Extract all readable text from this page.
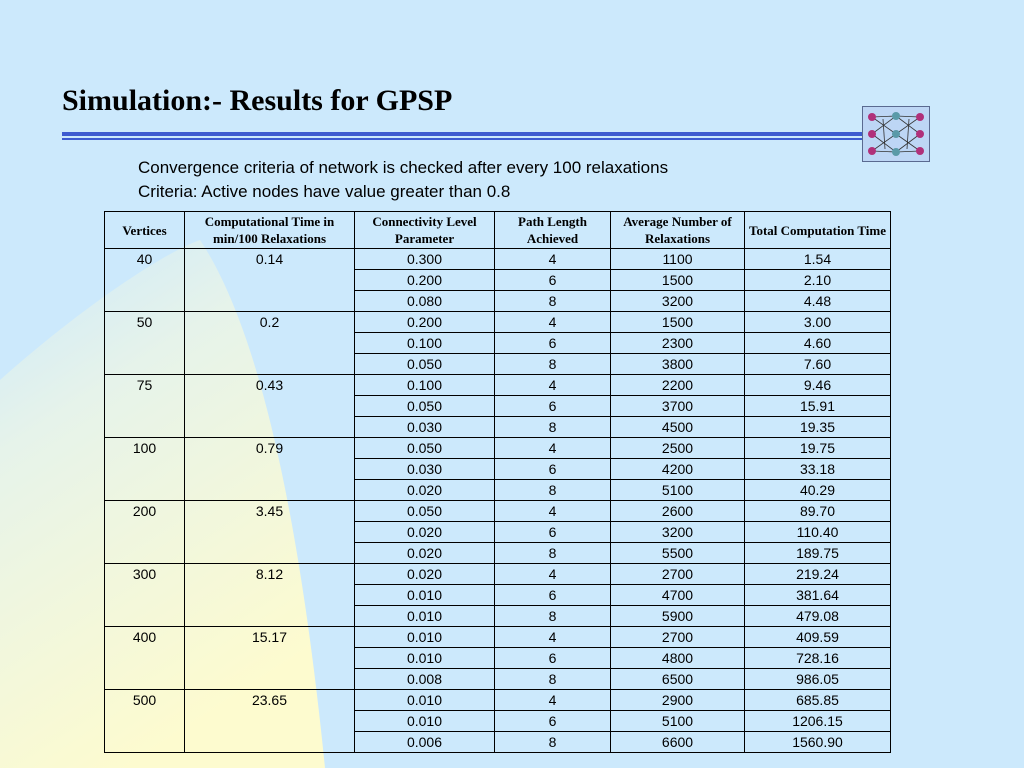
Simulation:- Results for GPSP
Convergence criteria of network is checked after every 100 relaxations
Criteria: Active nodes have value greater than 0.8
Vertices	Computational Time in min/100 Relaxations	Connectivity Level Parameter	Path Length Achieved	Average Number of Relaxations	Total Computation Time
40	0.14	0.300	4	1100	1.54
		0.200	6	1500	2.10
		0.080	8	3200	4.48
50	0.2	0.200	4	1500	3.00
		0.100	6	2300	4.60
		0.050	8	3800	7.60
75	0.43	0.100	4	2200	9.46
		0.050	6	3700	15.91
		0.030	8	4500	19.35
100	0.79	0.050	4	2500	19.75
		0.030	6	4200	33.18
		0.020	8	5100	40.29
200	3.45	0.050	4	2600	89.70
		0.020	6	3200	110.40
		0.020	8	5500	189.75
300	8.12	0.020	4	2700	219.24
		0.010	6	4700	381.64
		0.010	8	5900	479.08
400	15.17	0.010	4	2700	409.59
		0.010	6	4800	728.16
		0.008	8	6500	986.05
500	23.65	0.010	4	2900	685.85
		0.010	6	5100	1206.15
		0.006	8	6600	1560.90
